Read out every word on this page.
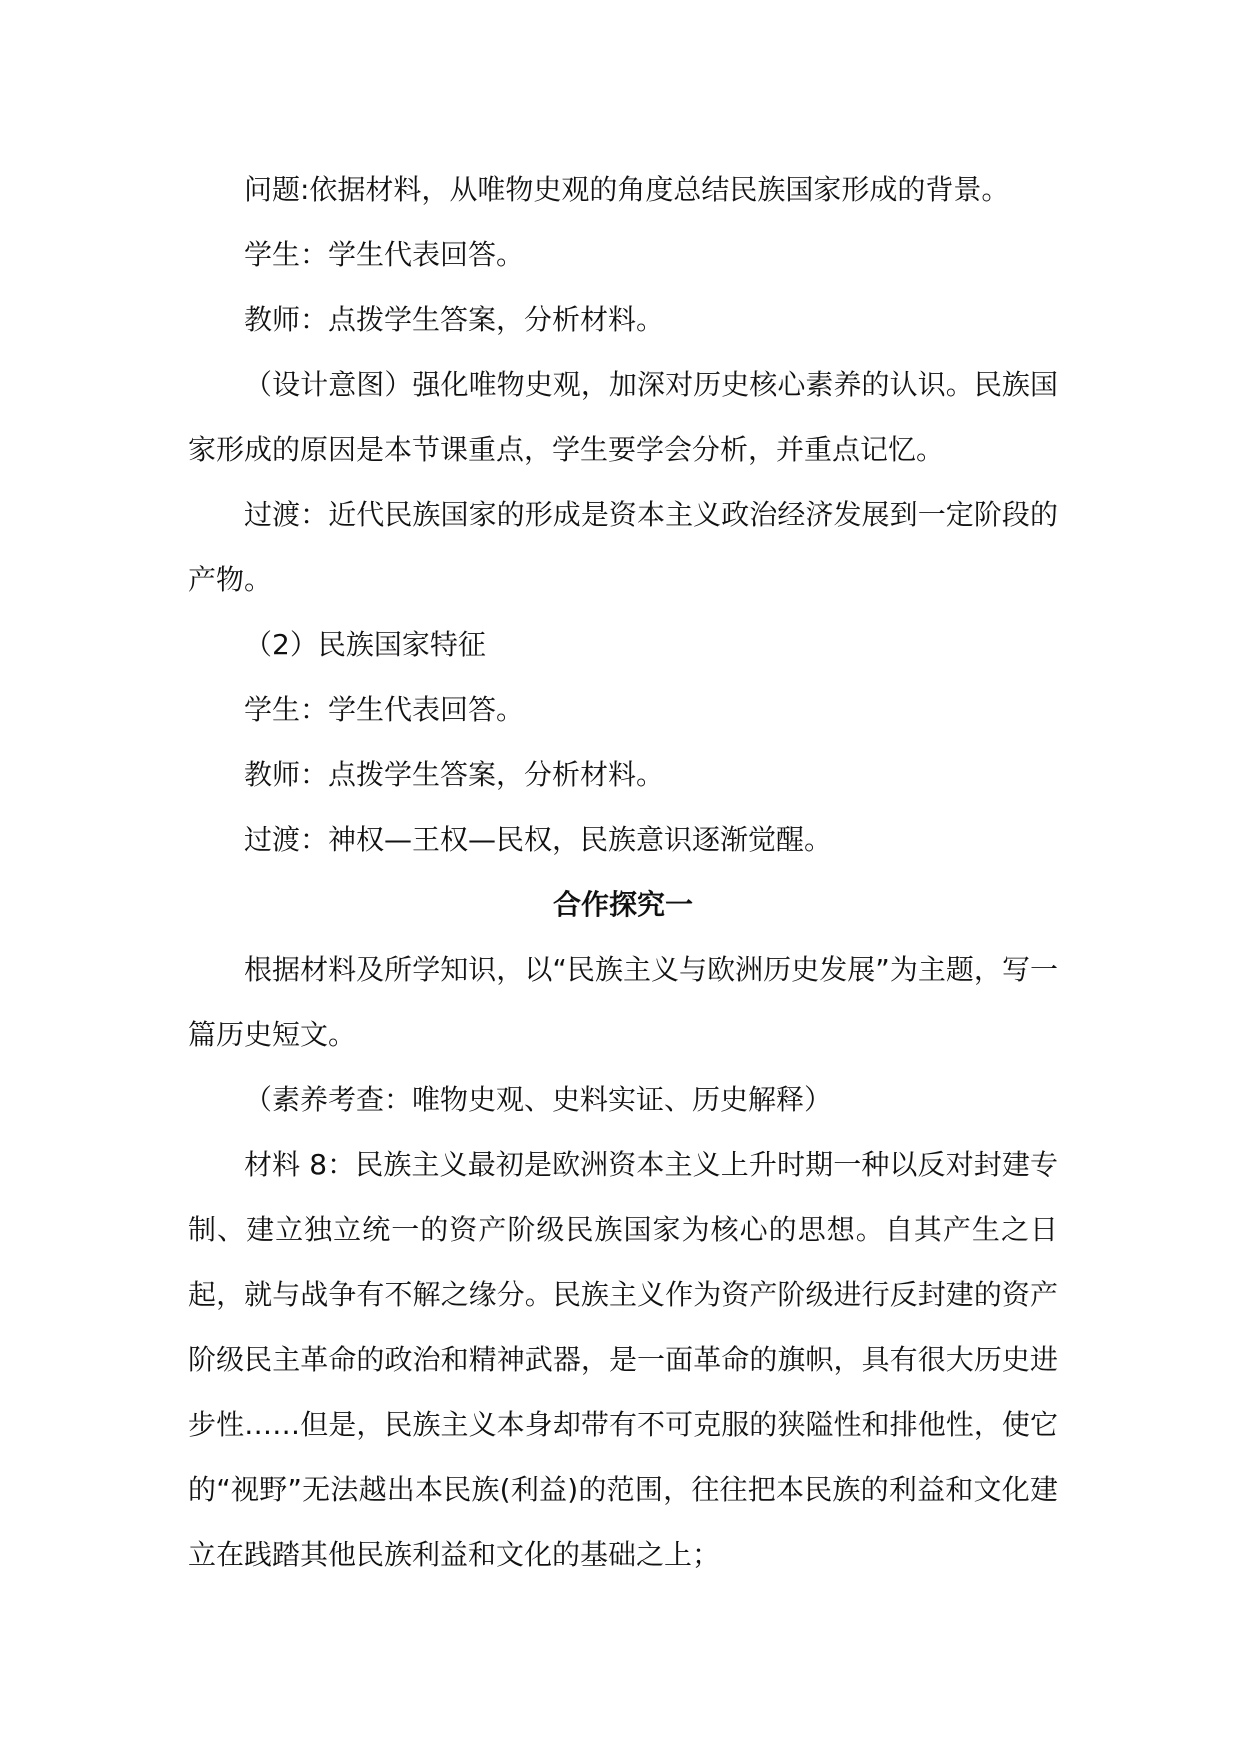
问题:依据材料，从唯物史观的角度总结民族国家形成的背景。

学生：学生代表回答。

教师：点拨学生答案，分析材料。

（设计意图）强化唯物史观，加深对历史核心素养的认识。民族国家形成的原因是本节课重点，学生要学会分析，并重点记忆。

过渡：近代民族国家的形成是资本主义政治经济发展到一定阶段的产物。

（2）民族国家特征

学生：学生代表回答。

教师：点拨学生答案，分析材料。

过渡：神权—王权—民权，民族意识逐渐觉醒。

合作探究一

根据材料及所学知识，以“民族主义与欧洲历史发展”为主题，写一篇历史短文。

（素养考查：唯物史观、史料实证、历史解释）

材料 8：民族主义最初是欧洲资本主义上升时期一种以反对封建专制、建立独立统一的资产阶级民族国家为核心的思想。自其产生之日起，就与战争有不解之缘分。民族主义作为资产阶级进行反封建的资产阶级民主革命的政治和精神武器，是一面革命的旗帜，具有很大历史进步性……但是，民族主义本身却带有不可克服的狭隘性和排他性，使它的“视野”无法越出本民族(利益)的范围，往往把本民族的利益和文化建立在践踏其他民族利益和文化的基础之上；
